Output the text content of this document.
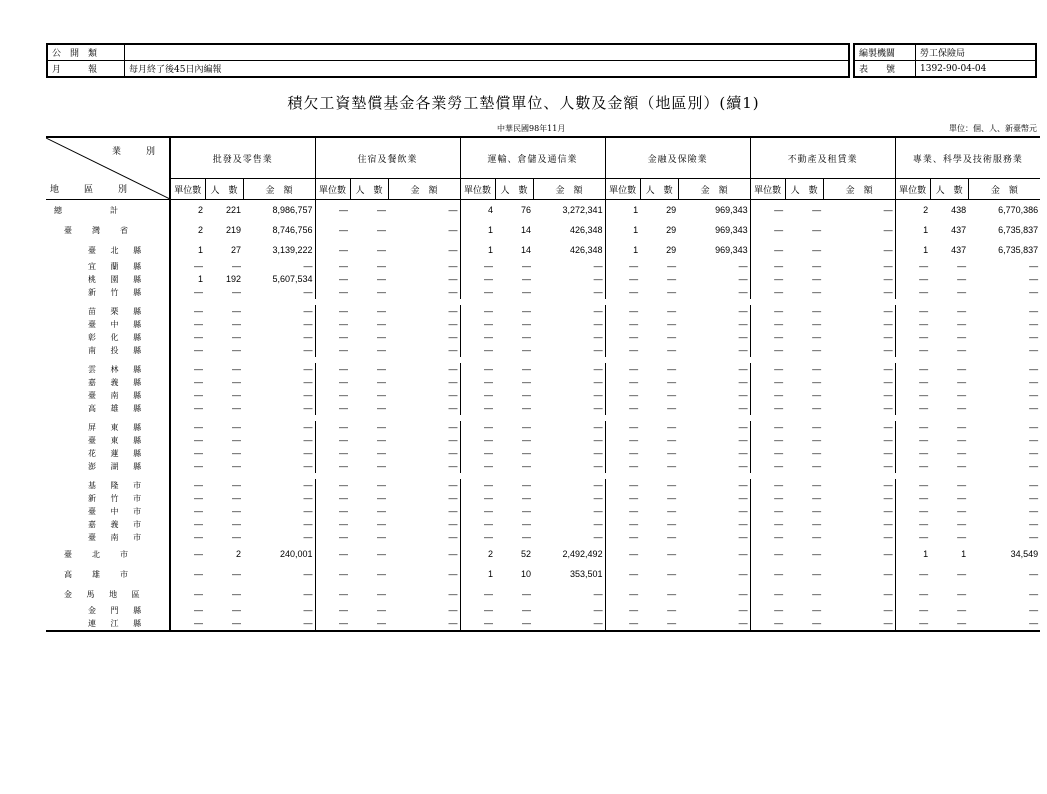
公　開　類	
月　　　報	每月終了後45日內編報
編製機關	勞工保險局
表　　號	1392-90-04-04
積欠工資墊償基金各業勞工墊償單位、人數及金額（地區別）(續1)
中華民國98年11月	單位：個、人、新臺幣元
業　別
地　區　別	批發及零售業			住宿及餐飲業			運輸、倉儲及通信業			金融及保險業			不動產及租賃業			專業、科學及技術服務業		
	單位數	人　數	金　額	單位數	人　數	金　額	單位數	人　數	金　額	單位數	人　數	金　額	單位數	人　數	金　額	單位數	人　數	金　額
總　　　計	2	221	8,986,757	—	—	—	4	76	3,272,341	1	29	969,343	—	—	—	2	438	6,770,386
臺　灣　省	2	219	8,746,756	—	—	—	1	14	426,348	1	29	969,343	—	—	—	1	437	6,735,837
臺 北 縣	1	27	3,139,222	—	—	—	1	14	426,348	1	29	969,343	—	—	—	1	437	6,735,837
宜 蘭 縣	—	—	—	—	—	—	—	—	—	—	—	—	—	—	—	—	—	—
桃 園 縣	1	192	5,607,534	—	—	—	—	—	—	—	—	—	—	—	—	—	—	—
新 竹 縣	—	—	—	—	—	—	—	—	—	—	—	—	—	—	—	—	—	—

苗 栗 縣	—	—	—	—	—	—	—	—	—	—	—	—	—	—	—	—	—	—
臺 中 縣	—	—	—	—	—	—	—	—	—	—	—	—	—	—	—	—	—	—
彰 化 縣	—	—	—	—	—	—	—	—	—	—	—	—	—	—	—	—	—	—
南 投 縣	—	—	—	—	—	—	—	—	—	—	—	—	—	—	—	—	—	—

雲 林 縣	—	—	—	—	—	—	—	—	—	—	—	—	—	—	—	—	—	—
嘉 義 縣	—	—	—	—	—	—	—	—	—	—	—	—	—	—	—	—	—	—
臺 南 縣	—	—	—	—	—	—	—	—	—	—	—	—	—	—	—	—	—	—
高 雄 縣	—	—	—	—	—	—	—	—	—	—	—	—	—	—	—	—	—	—

屏 東 縣	—	—	—	—	—	—	—	—	—	—	—	—	—	—	—	—	—	—
臺 東 縣	—	—	—	—	—	—	—	—	—	—	—	—	—	—	—	—	—	—
花 蓮 縣	—	—	—	—	—	—	—	—	—	—	—	—	—	—	—	—	—	—
澎 湖 縣	—	—	—	—	—	—	—	—	—	—	—	—	—	—	—	—	—	—

基 隆 市	—	—	—	—	—	—	—	—	—	—	—	—	—	—	—	—	—	—
新 竹 市	—	—	—	—	—	—	—	—	—	—	—	—	—	—	—	—	—	—
臺 中 市	—	—	—	—	—	—	—	—	—	—	—	—	—	—	—	—	—	—
嘉 義 市	—	—	—	—	—	—	—	—	—	—	—	—	—	—	—	—	—	—
臺 南 市	—	—	—	—	—	—	—	—	—	—	—	—	—	—	—	—	—	—
臺　北　市	—	2	240,001	—	—	—	2	52	2,492,492	—	—	—	—	—	—	1	1	34,549
高　雄　市	—	—	—	—	—	—	1	10	353,501	—	—	—	—	—	—	—	—	—
金 馬 地 區	—	—	—	—	—	—	—	—	—	—	—	—	—	—	—	—	—	—
金 門 縣	—	—	—	—	—	—	—	—	—	—	—	—	—	—	—	—	—	—
連 江 縣	—	—	—	—	—	—	—	—	—	—	—	—	—	—	—	—	—	—
